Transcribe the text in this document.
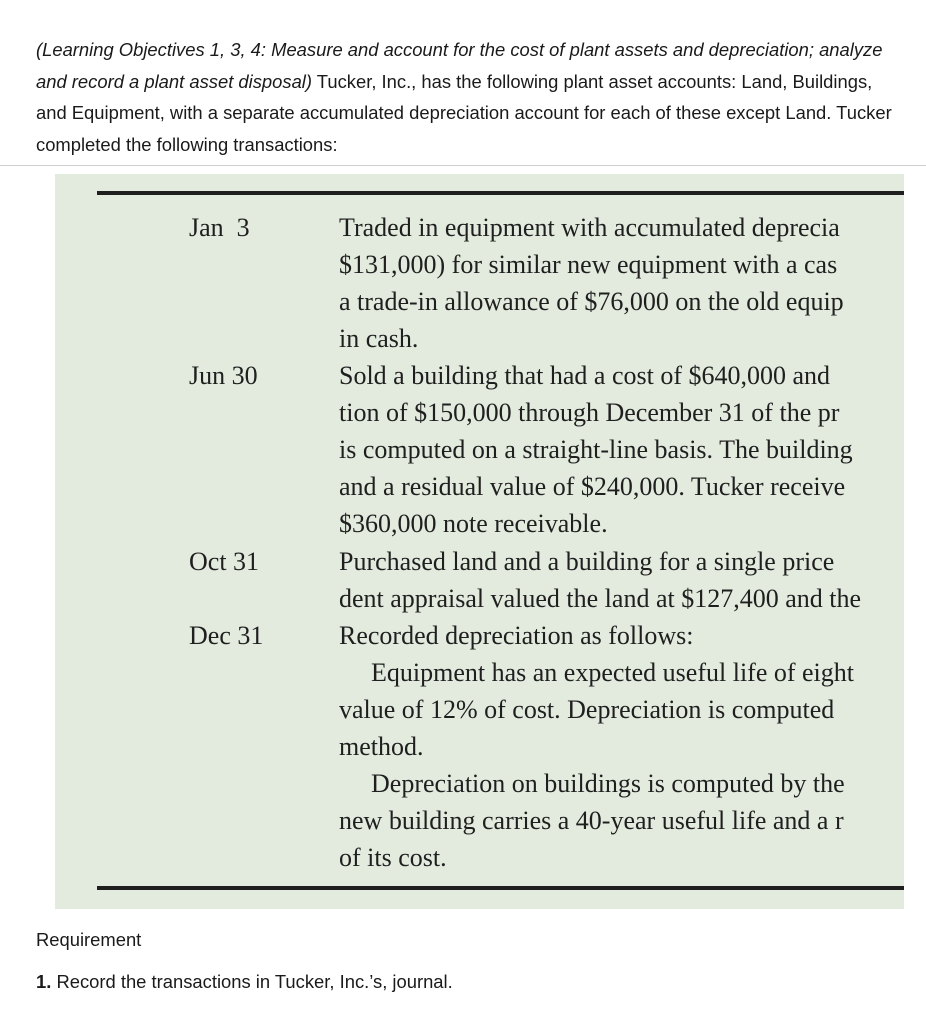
(Learning Objectives 1, 3, 4: Measure and account for the cost of plant assets and depreciation; analyze and record a plant asset disposal) Tucker, Inc., has the following plant asset accounts: Land, Buildings, and Equipment, with a separate accumulated depreciation account for each of these except Land. Tucker completed the following transactions:

Jan  3	Traded in equipment with accumulated deprecia
$131,000) for similar new equipment with a cas
a trade-in allowance of $76,000 on the old equip
in cash.

Jun 30	Sold a building that had a cost of $640,000 and
tion of $150,000 through December 31 of the pr
is computed on a straight-line basis. The building
and a residual value of $240,000. Tucker receive
$360,000 note receivable.

Oct 31	Purchased land and a building for a single price
dent appraisal valued the land at $127,400 and the

Dec 31	Recorded depreciation as follows:
Equipment has an expected useful life of eight
value of 12% of cost. Depreciation is computed
method.
Depreciation on buildings is computed by the
new building carries a 40-year useful life and a r
of its cost.

Requirement

1. Record the transactions in Tucker, Inc.’s, journal.
